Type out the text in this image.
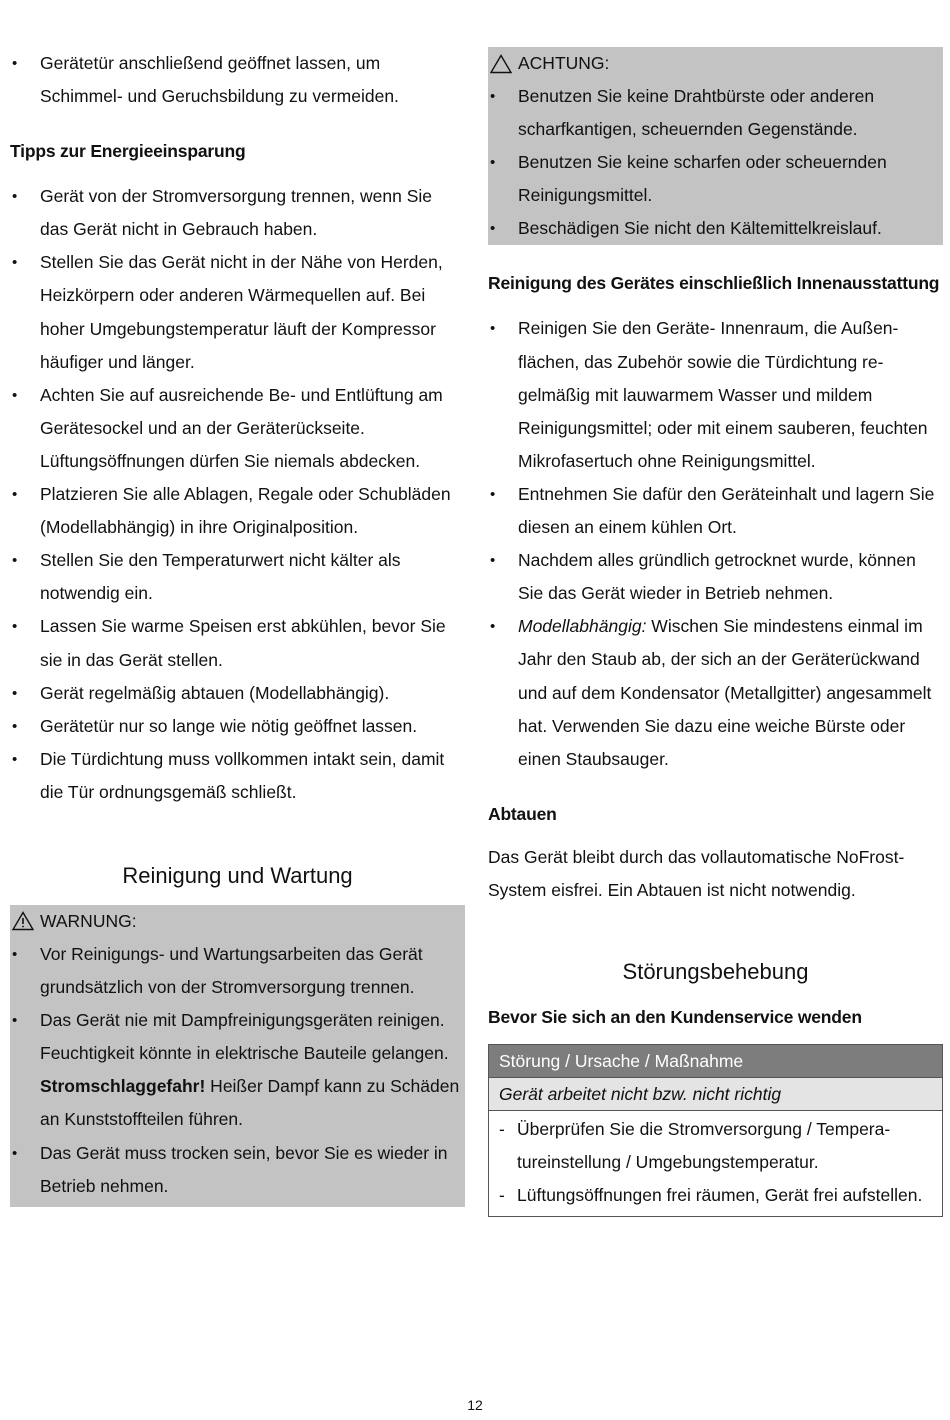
• Gerätetür anschließend geöffnet lassen, um Schimmel- und Geruchsbildung zu vermeiden.
Tipps zur Energieeinsparung
• Gerät von der Stromversorgung trennen, wenn Sie das Gerät nicht in Gebrauch haben.
• Stellen Sie das Gerät nicht in der Nähe von Herden, Heizkörpern oder anderen Wärmequellen auf. Bei hoher Umgebungstemperatur läuft der Kompressor häufiger und länger.
• Achten Sie auf ausreichende Be- und Entlüftung am Gerätesockel und an der Geräterückseite. Lüftungsöffnungen dürfen Sie niemals abdecken.
• Platzieren Sie alle Ablagen, Regale oder Schubläden (Modellabhängig) in ihre Originalposition.
• Stellen Sie den Temperaturwert nicht kälter als notwendig ein.
• Lassen Sie warme Speisen erst abkühlen, bevor Sie sie in das Gerät stellen.
• Gerät regelmäßig abtauen (Modellabhängig).
• Gerätetür nur so lange wie nötig geöffnet lassen.
• Die Türdichtung muss vollkommen intakt sein, damit die Tür ordnungsgemäß schließt.
Reinigung und Wartung
WARNUNG:
• Vor Reinigungs- und Wartungsarbeiten das Gerät grundsätzlich von der Stromversorgung trennen.
• Das Gerät nie mit Dampfreinigungsgeräten reinigen. Feuchtigkeit könnte in elektrische Bauteile gelangen. Stromschlaggefahr! Heißer Dampf kann zu Schäden an Kunststoffteilen führen.
• Das Gerät muss trocken sein, bevor Sie es wieder in Betrieb nehmen.
ACHTUNG:
• Benutzen Sie keine Drahtbürste oder anderen scharfkantigen, scheuernden Gegenstände.
• Benutzen Sie keine scharfen oder scheuernden Reinigungsmittel.
• Beschädigen Sie nicht den Kältemittelkreislauf.
Reinigung des Gerätes einschließlich Innenausstattung
• Reinigen Sie den Geräte- Innenraum, die Außenflächen, das Zubehör sowie die Türdichtung regelmäßig mit lauwarmem Wasser und mildem Reinigungsmittel; oder mit einem sauberen, feuchten Mikrofasertuch ohne Reinigungsmittel.
• Entnehmen Sie dafür den Geräteinhalt und lagern Sie diesen an einem kühlen Ort.
• Nachdem alles gründlich getrocknet wurde, können Sie das Gerät wieder in Betrieb nehmen.
• Modellabhängig: Wischen Sie mindestens einmal im Jahr den Staub ab, der sich an der Geräterückwand und auf dem Kondensator (Metallgitter) angesammelt hat. Verwenden Sie dazu eine weiche Bürste oder einen Staubsauger.
Abtauen

Das Gerät bleibt durch das vollautomatische NoFrost-System eisfrei. Ein Abtauen ist nicht notwendig.

Störungsbehebung
Bevor Sie sich an den Kundenservice wenden
Störung / Ursache / Maßnahme
Gerät arbeitet nicht bzw. nicht richtig

- Überprüfen Sie die Stromversorgung / Temperatureinstellung / Umgebungstemperatur.
- Lüftungsöffnungen frei räumen, Gerät frei aufstellen.
12
